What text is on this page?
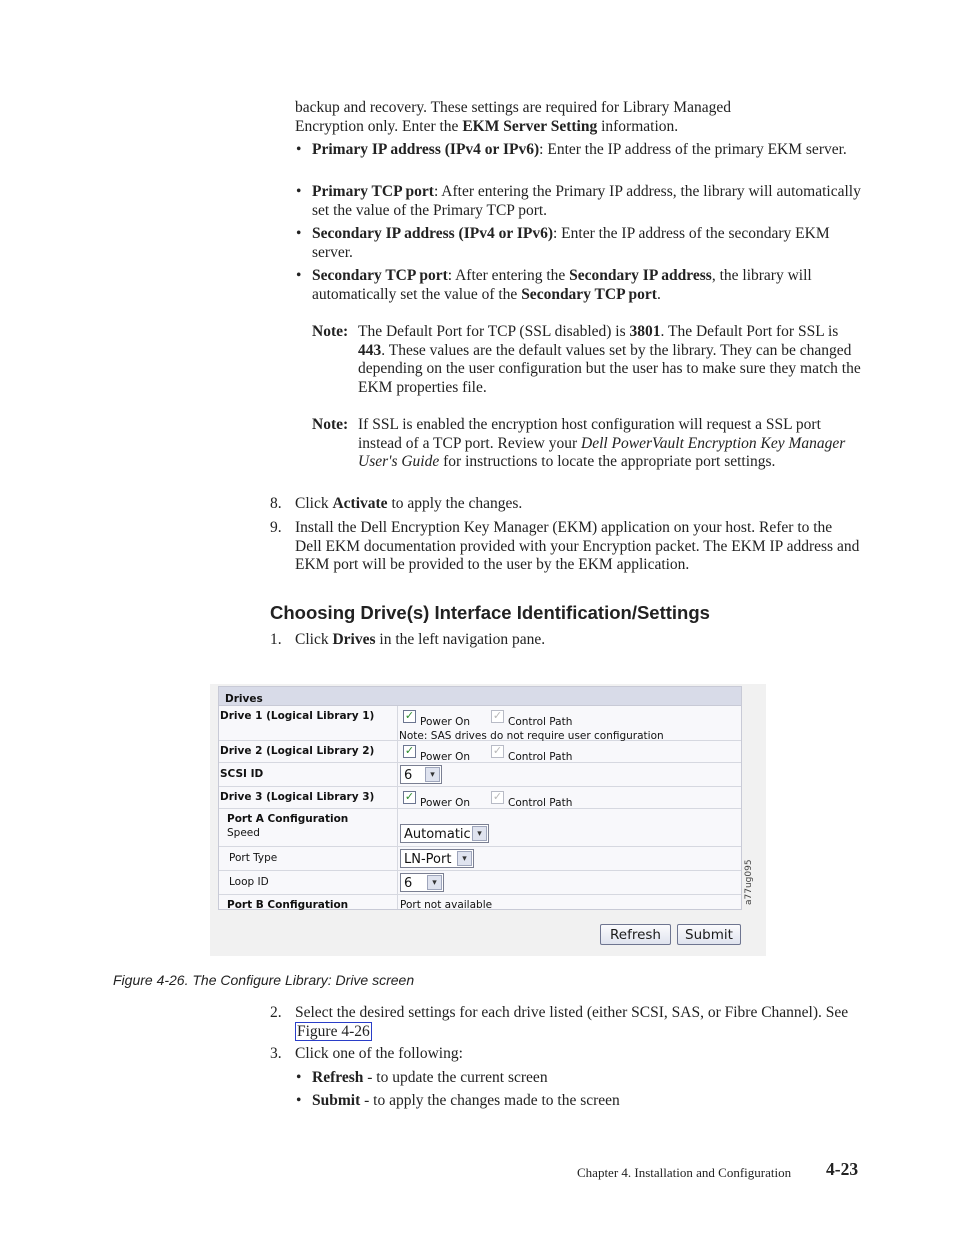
backup and recovery. These settings are required for Library Managed
Encryption only. Enter the EKM Server Setting information.
• Primary IP address (IPv4 or IPv6): Enter the IP address of the primary EKM server.
• Primary TCP port: After entering the Primary IP address, the library will automatically set the value of the Primary TCP port.
• Secondary IP address (IPv4 or IPv6): Enter the IP address of the secondary EKM server.
• Secondary TCP port: After entering the Secondary IP address, the library will automatically set the value of the Secondary TCP port.
Note: The Default Port for TCP (SSL disabled) is 3801. The Default Port for SSL is 443. These values are the default values set by the library. They can be changed depending on the user configuration but the user has to make sure they match the EKM properties file.
Note: If SSL is enabled the encryption host configuration will request a SSL port instead of a TCP port. Review your Dell PowerVault Encryption Key Manager User's Guide for instructions to locate the appropriate port settings.
8. Click Activate to apply the changes.
9. Install the Dell Encryption Key Manager (EKM) application on your host. Refer to the Dell EKM documentation provided with your Encryption packet. The EKM IP address and EKM port will be provided to the user by the EKM application.
Choosing Drive(s) Interface Identification/Settings
1. Click Drives in the left navigation pane.
Drives
Drive 1 (Logical Library 1)	✓ Power On ✓ Control Path
Note: SAS drives do not require user configuration
Drive 2 (Logical Library 2)	✓ Power On ✓ Control Path
SCSI ID	6	▾
Drive 3 (Logical Library 3)	✓ Power On ✓ Control Path
Port A Configuration
Speed	Automatic ▾
Port Type	LN-Port	▾
Loop ID	6	▾
Port B Configuration	Port not available
Refresh	Submit
a77ug095
Figure 4-26. The Configure Library: Drive screen
2. Select the desired settings for each drive listed (either SCSI, SAS, or Fibre Channel). See Figure 4-26
3. Click one of the following:
• Refresh - to update the current screen
• Submit - to apply the changes made to the screen
Chapter 4. Installation and Configuration 4-23
